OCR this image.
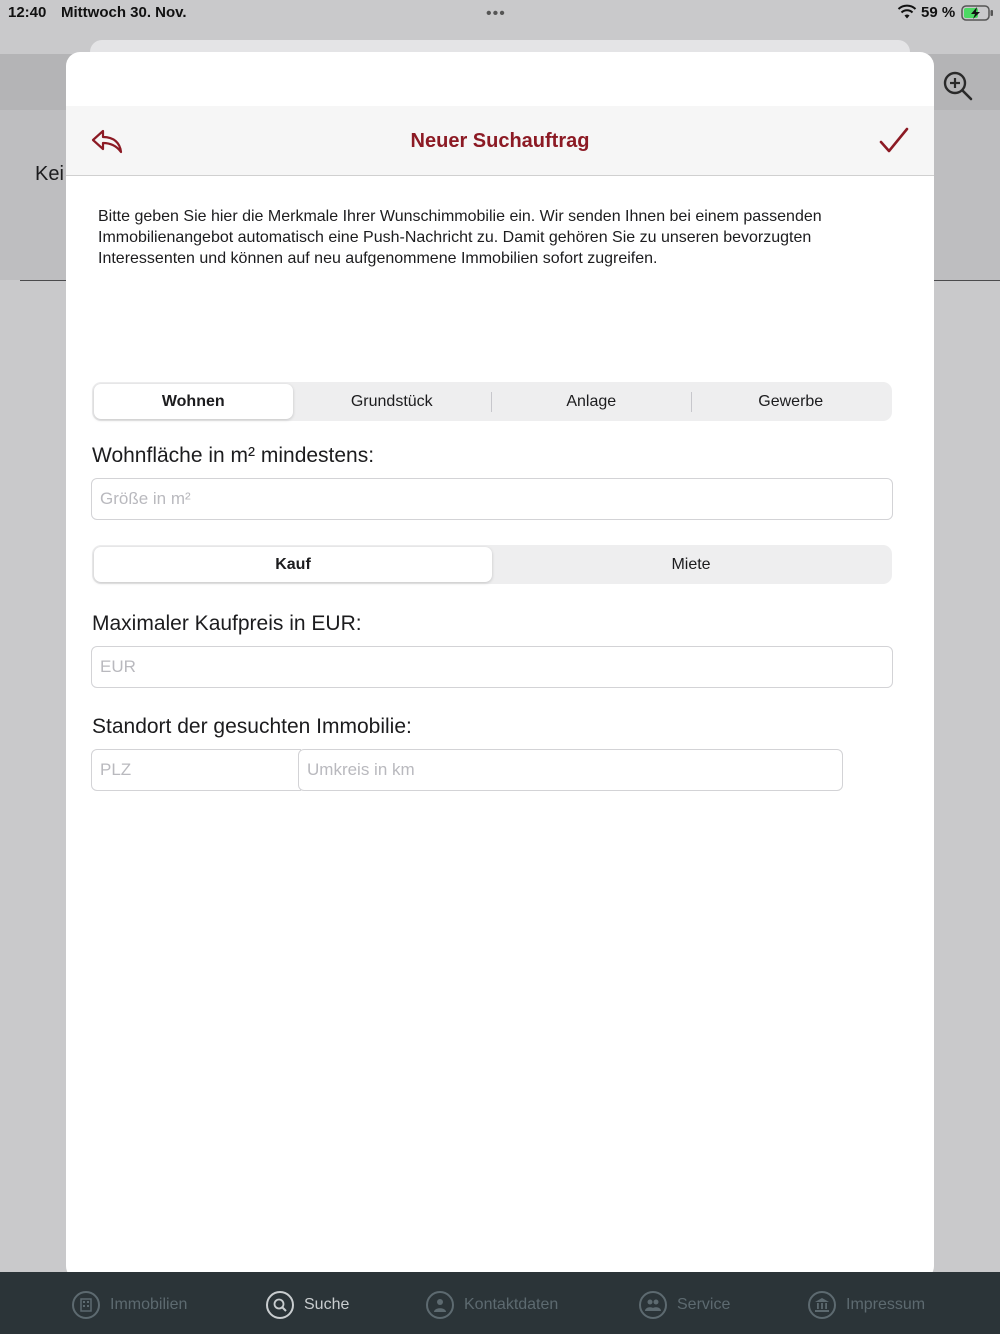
Kei
12:40 Mittwoch 30. Nov.	•••	59 %
Neuer Suchauftrag
Bitte geben Sie hier die Merkmale Ihrer Wunschimmobilie ein. Wir senden Ihnen bei einem passenden Immobilienangebot automatisch eine Push-Nachricht zu. Damit gehören Sie zu unseren bevorzugten Interessenten und können auf neu aufgenommene Immobilien sofort zugreifen.
Wohnen	Grundstück	Anlage	Gewerbe
Wohnfläche in m² mindestens:
Größe in m²
Kauf	Miete
Maximaler Kaufpreis in EUR:
EUR
Standort der gesuchten Immobilie:
PLZ
Umkreis in km
Immobilien	Suche	Kontaktdaten	Service	Impressum
